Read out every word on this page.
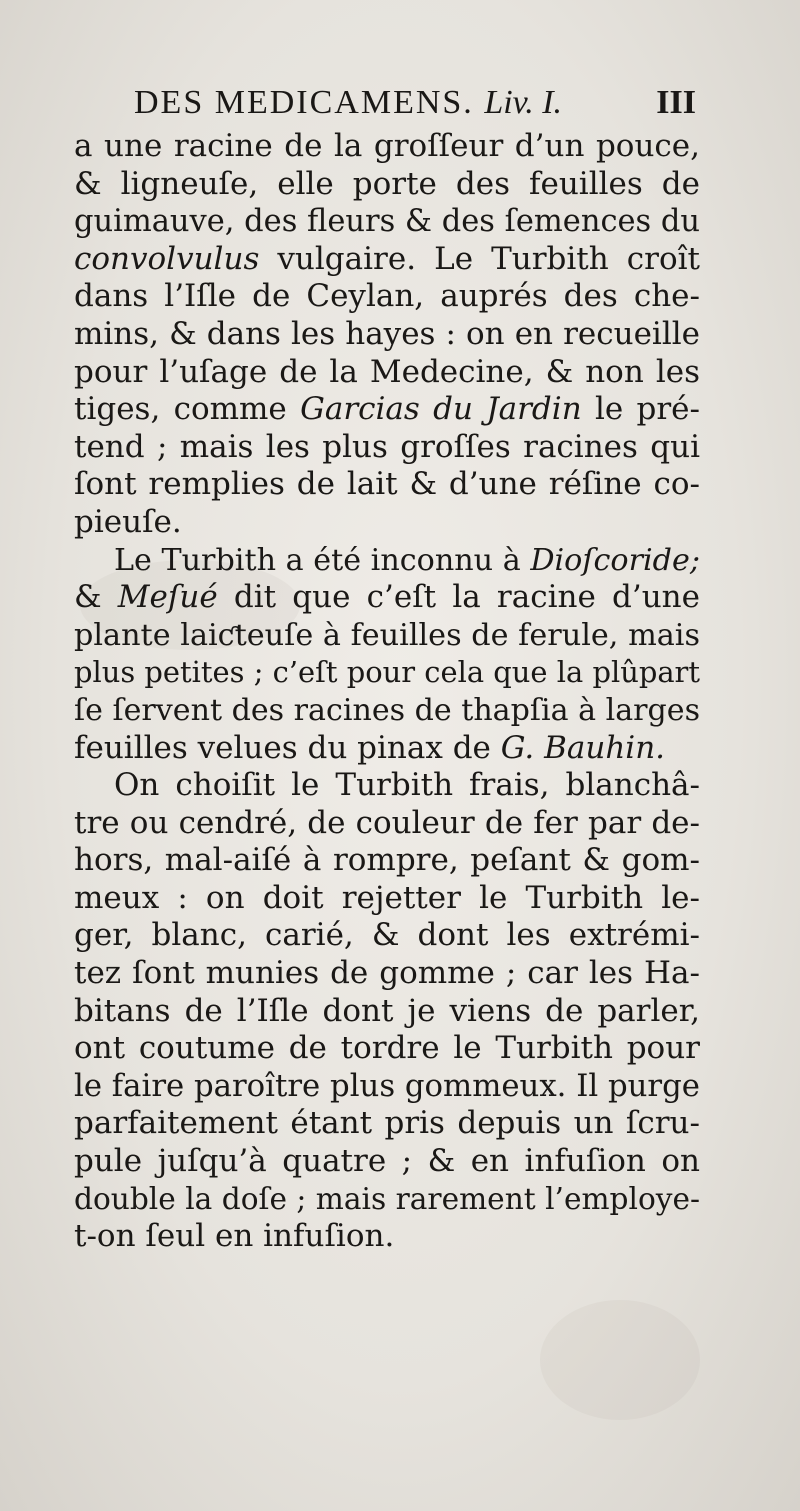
DES MEDICAMENS. Liv. I.	III
a une racine de la groſſeur d’un pouce,
& ligneuſe, elle porte des feuilles de
guimauve, des fleurs & des ſemences du
convolvulus vulgaire. Le Turbith croît
dans l’Iſle de Ceylan, auprés des che-
mins, & dans les hayes : on en recueille
pour l’uſage de la Medecine, & non les
tiges, comme Garcias du Jardin le pré-
tend ; mais les plus groſſes racines qui
ſont remplies de lait & d’une réſine co-
pieuſe.
Le Turbith a été inconnu à Dioſcoride;
& Meſué dit que c’eſt la racine d’une
plante laiƈteuſe à feuilles de ferule, mais
plus petites ; c’eſt pour cela que la plûpart
ſe ſervent des racines de thapſia à larges
feuilles velues du pinax de G. Bauhin.
On choiſit le Turbith frais, blanchâ-
tre ou cendré, de couleur de fer par de-
hors, mal-aiſé à rompre, peſant & gom-
meux : on doit rejetter le Turbith le-
ger, blanc, carié, & dont les extrémi-
tez ſont munies de gomme ; car les Ha-
bitans de l’Iſle dont je viens de parler,
ont coutume de tordre le Turbith pour
le faire paroître plus gommeux. Il purge
parfaitement étant pris depuis un ſcru-
pule juſqu’à quatre ; & en infuſion on
double la doſe ; mais rarement l’employe-
t-on ſeul en infuſion.
